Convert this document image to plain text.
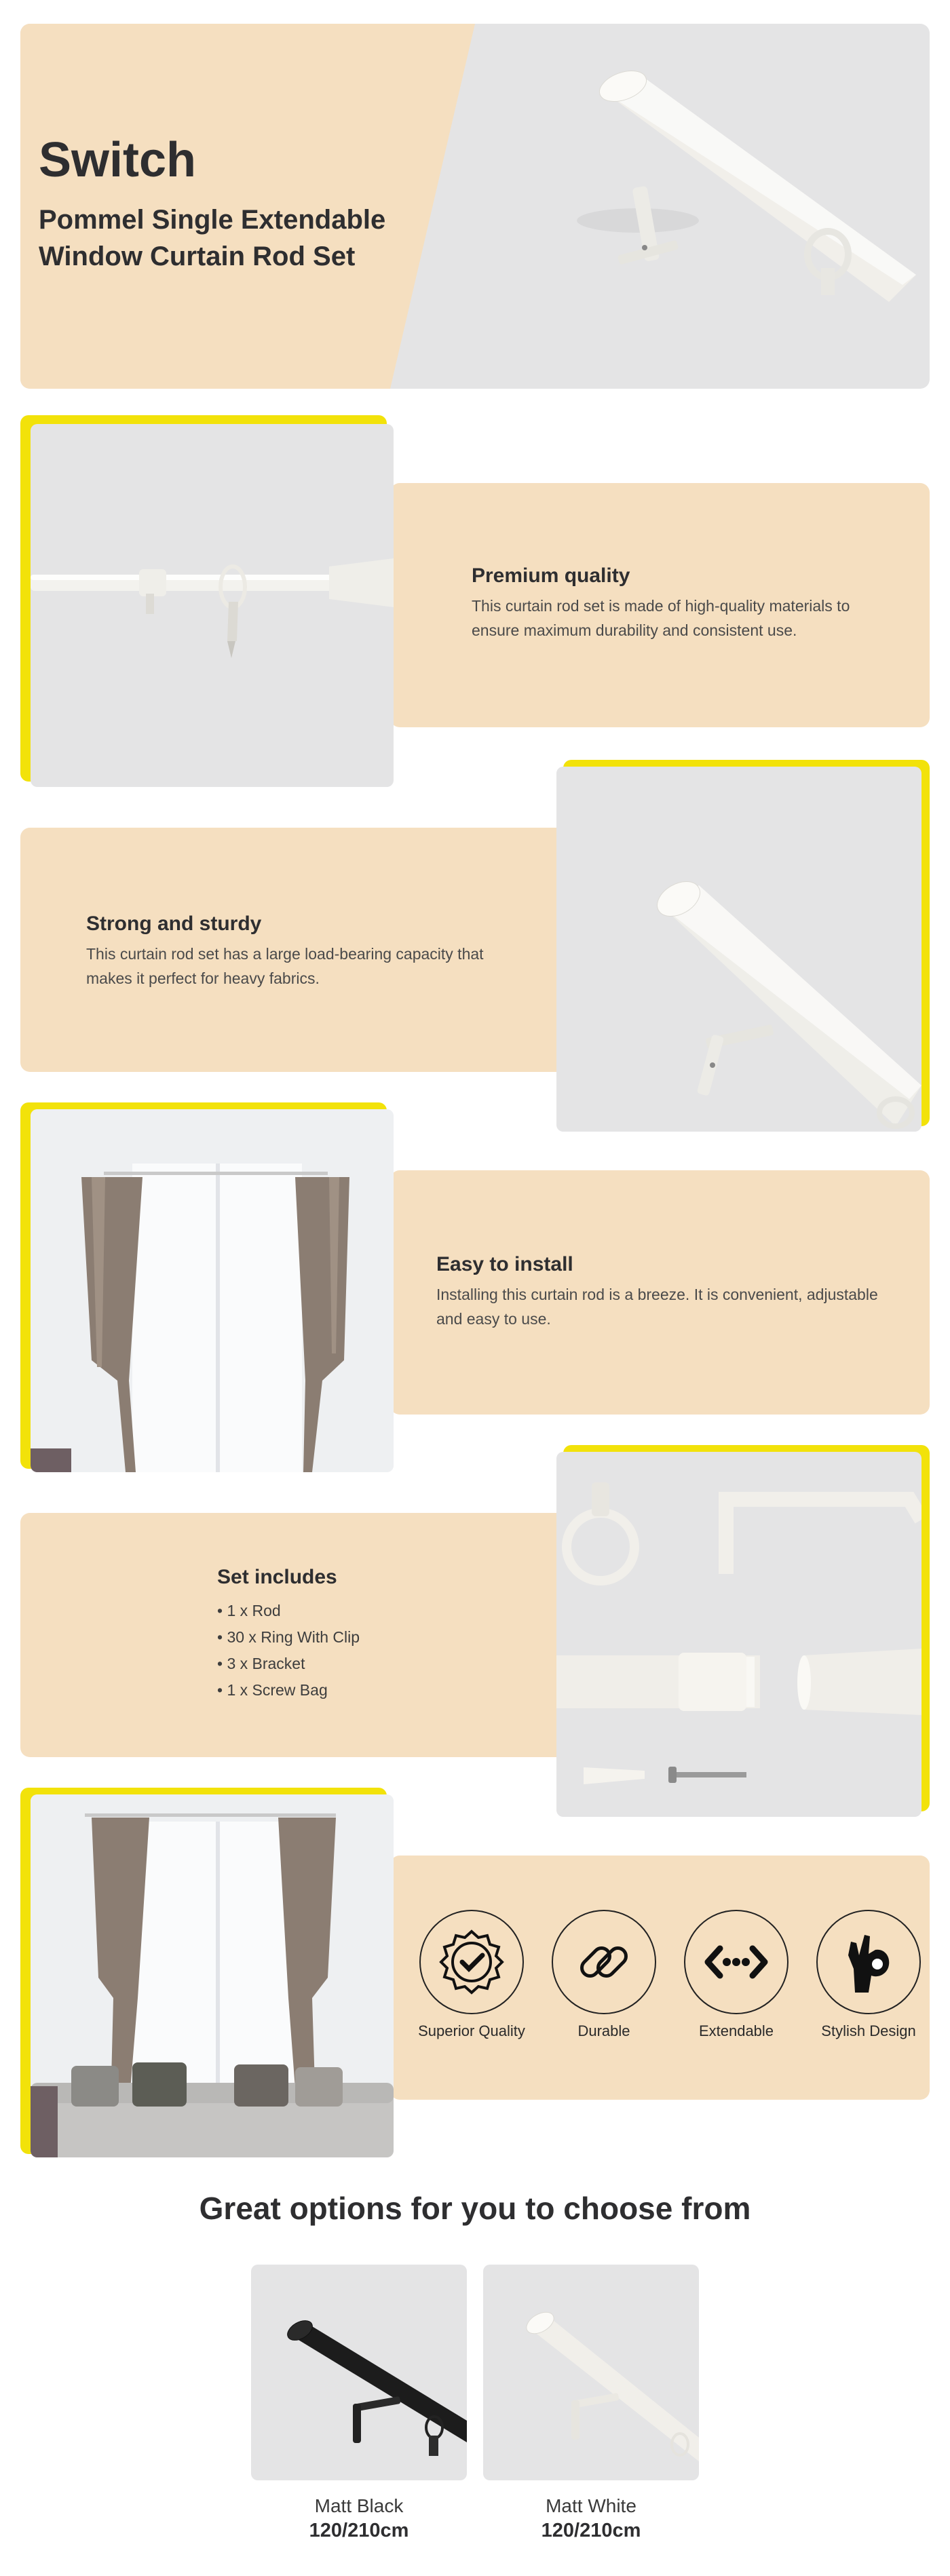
Switch
Pommel Single Extendable
Window Curtain Rod Set
Premium quality
This curtain rod set is made of high-quality materials to
ensure maximum durability and consistent use.
Strong and sturdy
This curtain rod set has a large load-bearing capacity that
makes it perfect for heavy fabrics.
Easy to install
Installing this curtain rod is a breeze. It is convenient, adjustable
and easy to use.
Set includes
• 1 x Rod
• 30 x Ring With Clip
• 3 x Bracket
• 1 x Screw Bag
Superior Quality	Durable	Extendable	Stylish Design
Great options for you to choose from
Matt Black
120/210cm
Matt White
120/210cm
